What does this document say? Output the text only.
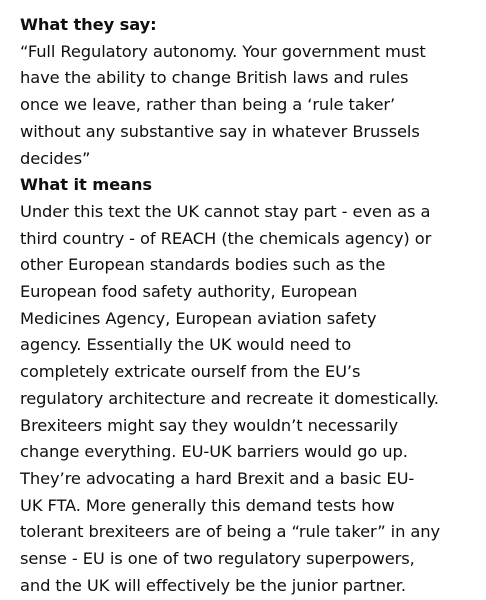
What they say:
“Full Regulatory autonomy. Your government must
have the ability to change British laws and rules
once we leave, rather than being a ‘rule taker’
without any substantive say in whatever Brussels
decides”
What it means
Under this text the UK cannot stay part - even as a
third country - of REACH (the chemicals agency) or
other European standards bodies such as the
European food safety authority, European
Medicines Agency, European aviation safety
agency. Essentially the UK would need to
completely extricate ourself from the EU’s
regulatory architecture and recreate it domestically.
Brexiteers might say they wouldn’t necessarily
change everything. EU-UK barriers would go up.
They’re advocating a hard Brexit and a basic EU-
UK FTA. More generally this demand tests how
tolerant brexiteers are of being a “rule taker” in any
sense - EU is one of two regulatory superpowers,
and the UK will effectively be the junior partner.
